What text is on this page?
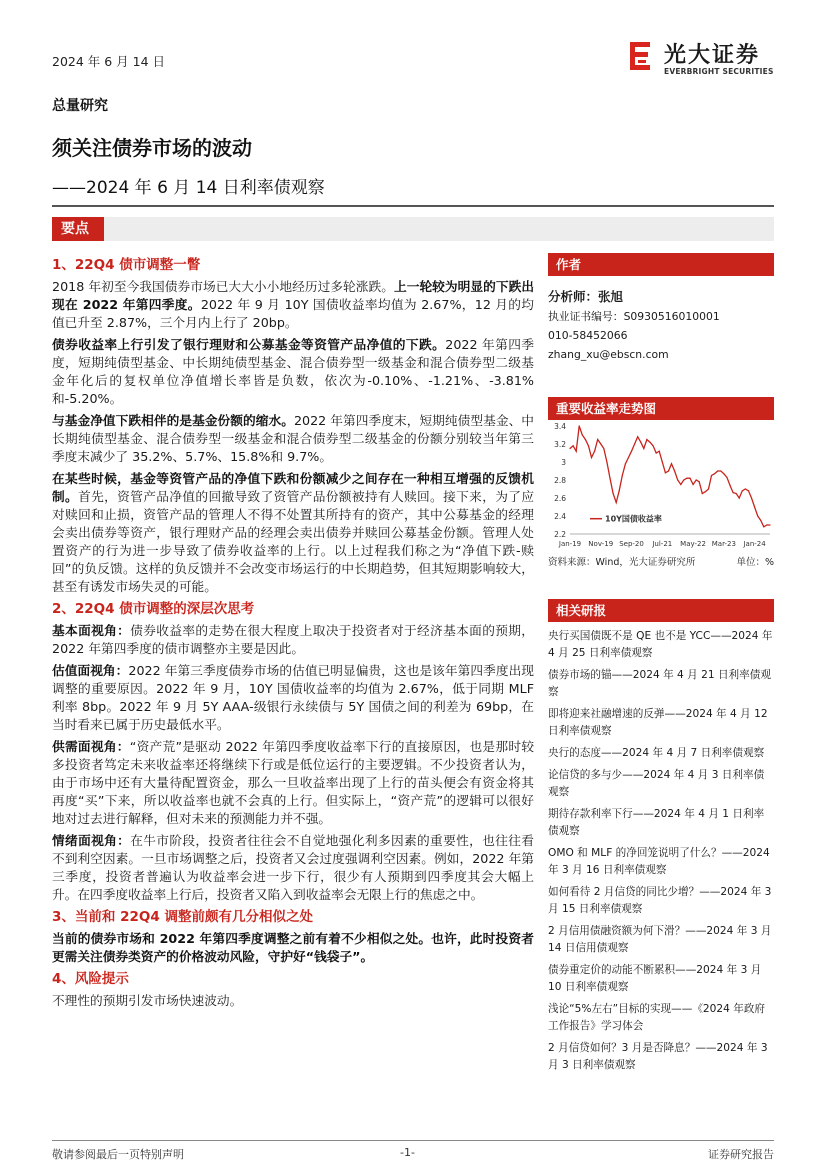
2024 年 6 月 14 日	光大证券
EVERBRIGHT SECURITIES
总量研究
须关注债券市场的波动
——2024 年 6 月 14 日利率债观察
要点
1、22Q4 债市调整一瞥

2018 年初至今我国债券市场已大大小小地经历过多轮涨跌。上一轮较为明显的下跌出现在 2022 年第四季度。2022 年 9 月 10Y 国债收益率均值为 2.67%，12 月的均值已升至 2.87%，三个月内上行了 20bp。

债券收益率上行引发了银行理财和公募基金等资管产品净值的下跌。2022 年第四季度，短期纯债型基金、中长期纯债型基金、混合债券型一级基金和混合债券型二级基金年化后的复权单位净值增长率皆是负数，依次为-0.10%、-1.21%、-3.81%和-5.20%。

与基金净值下跌相伴的是基金份额的缩水。2022 年第四季度末，短期纯债型基金、中长期纯债型基金、混合债券型一级基金和混合债券型二级基金的份额分别较当年第三季度末减少了 35.2%、5.7%、15.8%和 9.7%。

在某些时候，基金等资管产品的净值下跌和份额减少之间存在一种相互增强的反馈机制。首先，资管产品净值的回撤导致了资管产品份额被持有人赎回。接下来，为了应对赎回和止损，资管产品的管理人不得不处置其所持有的资产，其中公募基金的经理会卖出债券等资产，银行理财产品的经理会卖出债券并赎回公募基金份额。管理人处置资产的行为进一步导致了债券收益率的上行。以上过程我们称之为“净值下跌-赎回”的负反馈。这样的负反馈并不会改变市场运行的中长期趋势，但其短期影响较大，甚至有诱发市场失灵的可能。

2、22Q4 债市调整的深层次思考

基本面视角：债券收益率的走势在很大程度上取决于投资者对于经济基本面的预期，2022 年第四季度的债市调整亦主要是因此。

估值面视角：2022 年第三季度债券市场的估值已明显偏贵，这也是该年第四季度出现调整的重要原因。2022 年 9 月，10Y 国债收益率的均值为 2.67%，低于同期 MLF 利率 8bp。2022 年 9 月 5Y AAA-级银行永续债与 5Y 国债之间的利差为 69bp，在当时看来已属于历史最低水平。

供需面视角：“资产荒”是驱动 2022 年第四季度收益率下行的直接原因，也是那时较多投资者笃定未来收益率还将继续下行或是低位运行的主要逻辑。不少投资者认为，由于市场中还有大量待配置资金，那么一旦收益率出现了上行的苗头便会有资金将其再度“买”下来，所以收益率也就不会真的上行。但实际上，“资产荒”的逻辑可以很好地对过去进行解释，但对未来的预测能力并不强。

情绪面视角：在牛市阶段，投资者往往会不自觉地强化利多因素的重要性，也往往看不到利空因素。一旦市场调整之后，投资者又会过度强调利空因素。例如，2022 年第三季度，投资者普遍认为收益率会进一步下行，很少有人预期到四季度其会大幅上升。在四季度收益率上行后，投资者又陷入到收益率会无限上行的焦虑之中。

3、当前和 22Q4 调整前颇有几分相似之处

当前的债券市场和 2022 年第四季度调整之前有着不少相似之处。也许，此时投资者更需关注债券类资产的价格波动风险，守护好“钱袋子”。

4、风险提示

不理性的预期引发市场快速波动。

作者
分析师：张旭
执业证书编号：S0930516010001
010-58452066
zhang_xu@ebscn.com
重要收益率走势图
2.2
2.4
2.6
2.8
3
3.2
3.4
Jan-19 Nov-19 Sep-20 Jul-21 May-22 Mar-23 Jan-24
10Y国债收益率
资料来源：Wind，光大证券研究所	单位：%
相关研报
央行买国债既不是 QE 也不是 YCC——2024 年 4 月 25 日利率债观察
债券市场的锚——2024 年 4 月 21 日利率债观察
即将迎来社融增速的反弹——2024 年 4 月 12 日利率债观察
央行的态度——2024 年 4 月 7 日利率债观察
论信贷的多与少——2024 年 4 月 3 日利率债观察
期待存款利率下行——2024 年 4 月 1 日利率债观察
OMO 和 MLF 的净回笼说明了什么？——2024 年 3 月 16 日利率债观察
如何看待 2 月信贷的同比少增？——2024 年 3 月 15 日利率债观察
2 月信用债融资额为何下滑？——2024 年 3 月 14 日信用债观察
债券重定价的动能不断累积——2024 年 3 月 10 日利率债观察
浅论“5%左右”目标的实现——《2024 年政府工作报告》学习体会
2 月信贷如何？3 月是否降息？——2024 年 3 月 3 日利率债观察
敬请参阅最后一页特别声明	-1-	证券研究报告
